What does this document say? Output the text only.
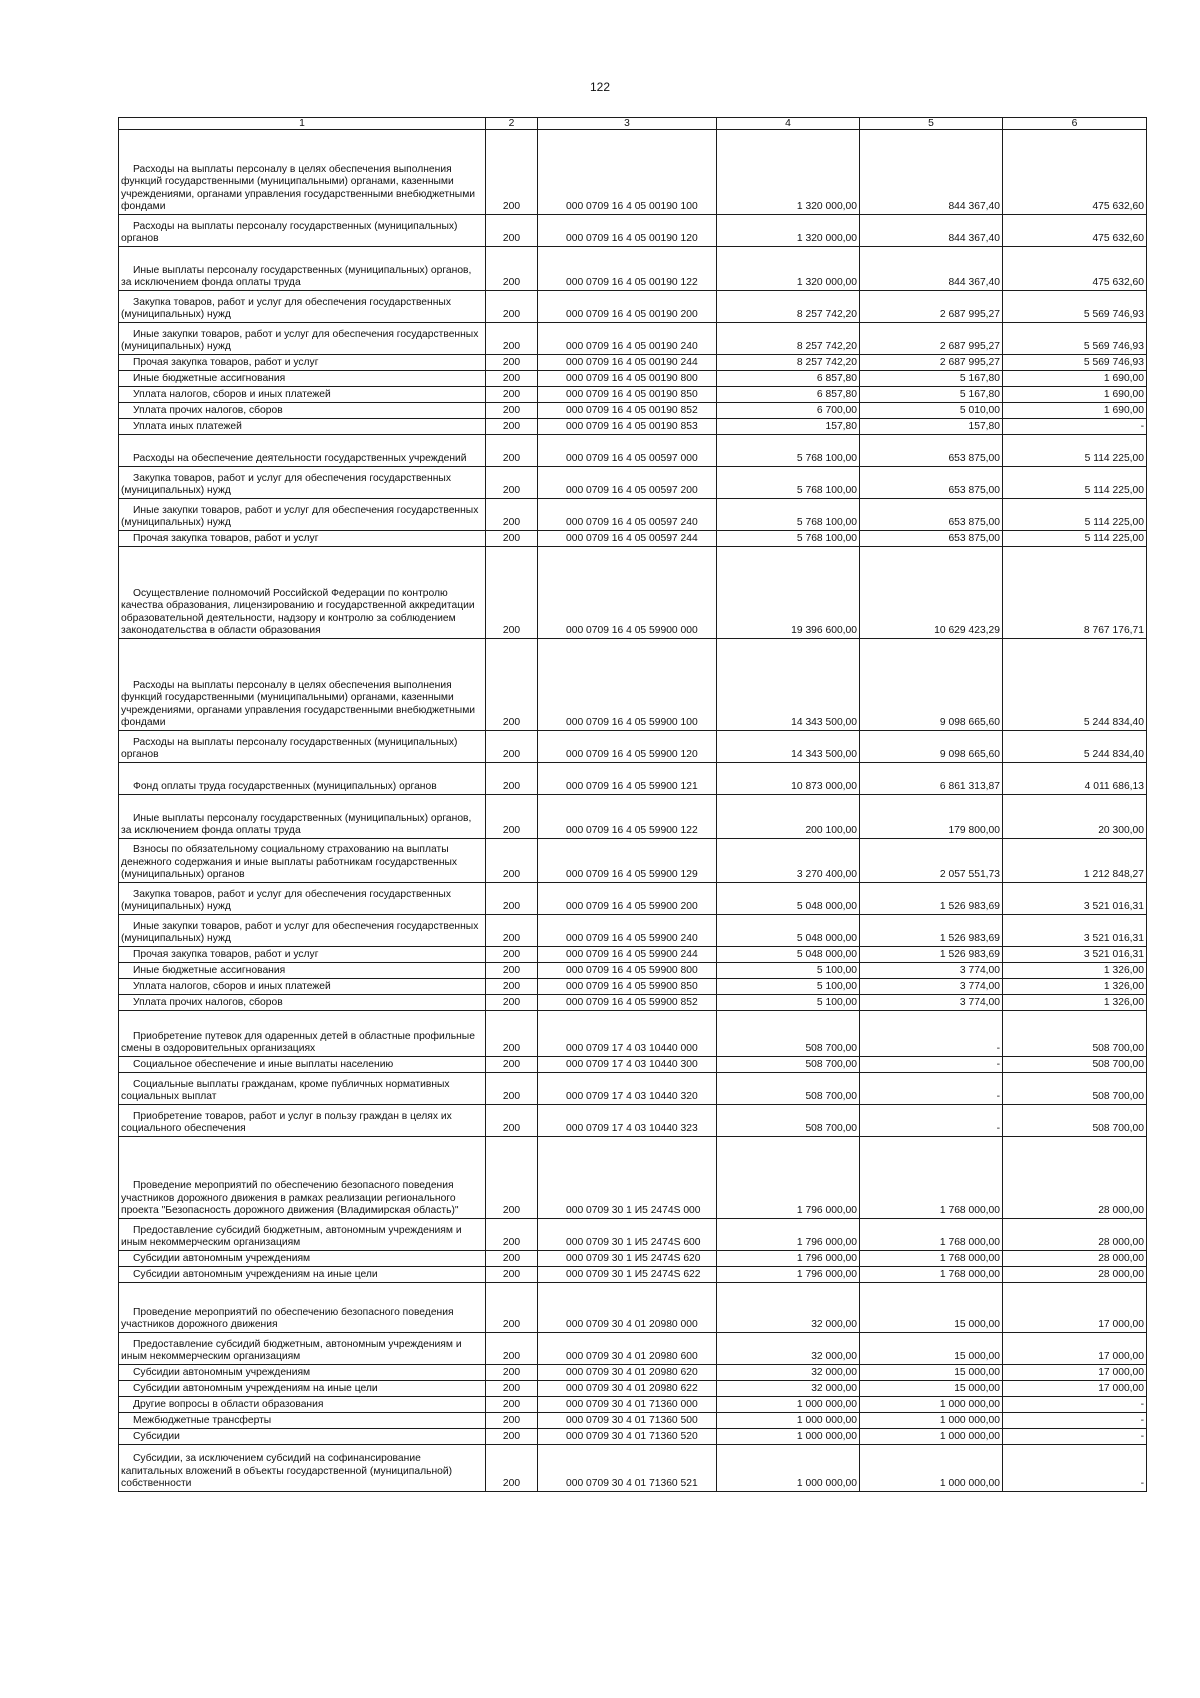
122
1	2	3	4	5	6

Расходы на выплаты персоналу в целях обеспечения выполнения функций государственными (муниципальными) органами, казенными учреждениями, органами управления государственными внебюджетными фондами	200	000 0709 16 4 05 00190 100	1 320 000,00	844 367,40	475 632,60

Расходы на выплаты персоналу государственных (муниципальных) органов	200	000 0709 16 4 05 00190 120	1 320 000,00	844 367,40	475 632,60

Иные выплаты персоналу государственных (муниципальных) органов, за исключением фонда оплаты труда	200	000 0709 16 4 05 00190 122	1 320 000,00	844 367,40	475 632,60

Закупка товаров, работ и услуг для обеспечения государственных (муниципальных) нужд	200	000 0709 16 4 05 00190 200	8 257 742,20	2 687 995,27	5 569 746,93

Иные закупки товаров, работ и услуг для обеспечения государственных (муниципальных) нужд	200	000 0709 16 4 05 00190 240	8 257 742,20	2 687 995,27	5 569 746,93

Прочая закупка товаров, работ и услуг	200	000 0709 16 4 05 00190 244	8 257 742,20	2 687 995,27	5 569 746,93

Иные бюджетные ассигнования	200	000 0709 16 4 05 00190 800	6 857,80	5 167,80	1 690,00

Уплата налогов, сборов и иных платежей	200	000 0709 16 4 05 00190 850	6 857,80	5 167,80	1 690,00

Уплата прочих налогов, сборов	200	000 0709 16 4 05 00190 852	6 700,00	5 010,00	1 690,00

Уплата иных платежей	200	000 0709 16 4 05 00190 853	157,80	157,80	-

Расходы на обеспечение деятельности государственных учреждений	200	000 0709 16 4 05 00597 000	5 768 100,00	653 875,00	5 114 225,00

Закупка товаров, работ и услуг для обеспечения государственных (муниципальных) нужд	200	000 0709 16 4 05 00597 200	5 768 100,00	653 875,00	5 114 225,00

Иные закупки товаров, работ и услуг для обеспечения государственных (муниципальных) нужд	200	000 0709 16 4 05 00597 240	5 768 100,00	653 875,00	5 114 225,00

Прочая закупка товаров, работ и услуг	200	000 0709 16 4 05 00597 244	5 768 100,00	653 875,00	5 114 225,00

Осуществление полномочий Российской Федерации по контролю качества образования, лицензированию и государственной аккредитации образовательной деятельности, надзору и контролю за соблюдением законодательства в области образования	200	000 0709 16 4 05 59900 000	19 396 600,00	10 629 423,29	8 767 176,71

Расходы на выплаты персоналу в целях обеспечения выполнения функций государственными (муниципальными) органами, казенными учреждениями, органами управления государственными внебюджетными фондами	200	000 0709 16 4 05 59900 100	14 343 500,00	9 098 665,60	5 244 834,40

Расходы на выплаты персоналу государственных (муниципальных) органов	200	000 0709 16 4 05 59900 120	14 343 500,00	9 098 665,60	5 244 834,40

Фонд оплаты труда государственных (муниципальных) органов	200	000 0709 16 4 05 59900 121	10 873 000,00	6 861 313,87	4 011 686,13

Иные выплаты персоналу государственных (муниципальных) органов, за исключением фонда оплаты труда	200	000 0709 16 4 05 59900 122	200 100,00	179 800,00	20 300,00

Взносы по обязательному социальному страхованию на выплаты денежного содержания и иные выплаты работникам государственных (муниципальных) органов	200	000 0709 16 4 05 59900 129	3 270 400,00	2 057 551,73	1 212 848,27

Закупка товаров, работ и услуг для обеспечения государственных (муниципальных) нужд	200	000 0709 16 4 05 59900 200	5 048 000,00	1 526 983,69	3 521 016,31

Иные закупки товаров, работ и услуг для обеспечения государственных (муниципальных) нужд	200	000 0709 16 4 05 59900 240	5 048 000,00	1 526 983,69	3 521 016,31

Прочая закупка товаров, работ и услуг	200	000 0709 16 4 05 59900 244	5 048 000,00	1 526 983,69	3 521 016,31

Иные бюджетные ассигнования	200	000 0709 16 4 05 59900 800	5 100,00	3 774,00	1 326,00

Уплата налогов, сборов и иных платежей	200	000 0709 16 4 05 59900 850	5 100,00	3 774,00	1 326,00

Уплата прочих налогов, сборов	200	000 0709 16 4 05 59900 852	5 100,00	3 774,00	1 326,00

Приобретение путевок для одаренных детей в областные профильные смены в оздоровительных организациях	200	000 0709 17 4 03 10440 000	508 700,00	-	508 700,00

Социальное обеспечение и иные выплаты населению	200	000 0709 17 4 03 10440 300	508 700,00	-	508 700,00

Социальные выплаты гражданам, кроме публичных нормативных социальных выплат	200	000 0709 17 4 03 10440 320	508 700,00	-	508 700,00

Приобретение товаров, работ и услуг в пользу граждан в целях их социального обеспечения	200	000 0709 17 4 03 10440 323	508 700,00	-	508 700,00

Проведение мероприятий по обеспечению безопасного поведения участников дорожного движения в рамках реализации регионального проекта "Безопасность дорожного движения (Владимирская область)"	200	000 0709 30 1 И5 2474S 000	1 796 000,00	1 768 000,00	28 000,00

Предоставление субсидий бюджетным, автономным учреждениям и иным некоммерческим организациям	200	000 0709 30 1 И5 2474S 600	1 796 000,00	1 768 000,00	28 000,00

Субсидии автономным учреждениям	200	000 0709 30 1 И5 2474S 620	1 796 000,00	1 768 000,00	28 000,00

Субсидии автономным учреждениям на иные цели	200	000 0709 30 1 И5 2474S 622	1 796 000,00	1 768 000,00	28 000,00

Проведение мероприятий по обеспечению безопасного поведения участников дорожного движения	200	000 0709 30 4 01 20980 000	32 000,00	15 000,00	17 000,00

Предоставление субсидий бюджетным, автономным учреждениям и иным некоммерческим организациям	200	000 0709 30 4 01 20980 600	32 000,00	15 000,00	17 000,00

Субсидии автономным учреждениям	200	000 0709 30 4 01 20980 620	32 000,00	15 000,00	17 000,00

Субсидии автономным учреждениям на иные цели	200	000 0709 30 4 01 20980 622	32 000,00	15 000,00	17 000,00

Другие вопросы в области образования	200	000 0709 30 4 01 71360 000	1 000 000,00	1 000 000,00	-

Межбюджетные трансферты	200	000 0709 30 4 01 71360 500	1 000 000,00	1 000 000,00	-

Субсидии	200	000 0709 30 4 01 71360 520	1 000 000,00	1 000 000,00	-

Субсидии, за исключением субсидий на софинансирование капитальных вложений в объекты государственной (муниципальной) собственности	200	000 0709 30 4 01 71360 521	1 000 000,00	1 000 000,00	-
